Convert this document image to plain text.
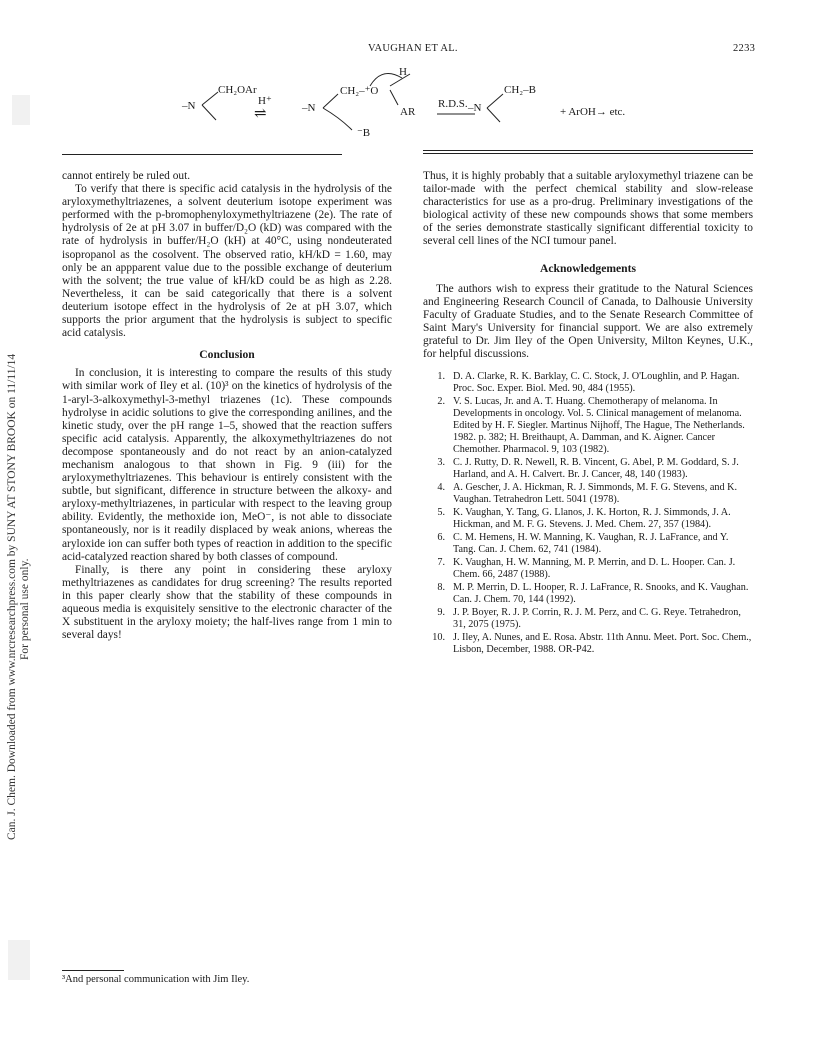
VAUGHAN ET AL.	2233
Can. J. Chem. Downloaded from www.nrcresearchpress.com by SUNY AT STONY BROOK on 11/11/14 For personal use only.
CH₂OAr
–N	H⁺
⇌
CH₂–⁺O
H
–N	AR
⁻B
R.D.S.
CH₂–B
–N	+ ArOH→ etc.

cannot entirely be ruled out.

To verify that there is specific acid catalysis in the hydrolysis of the aryloxymethyltriazenes, a solvent deuterium isotope experiment was performed with the p-bromophenyloxymethyltriazene (2e). The rate of hydrolysis of 2e at pH 3.07 in buffer/D₂O (kD) was compared with the rate of hydrolysis in buffer/H₂O (kH) at 40°C, using nondeuterated isopropanol as the cosolvent. The observed ratio, kH/kD = 1.60, may only be an appparent value due to the possible exchange of deuterium with the solvent; the true value of kH/kD could be as high as 2.28. Nevertheless, it can be said categorically that there is a solvent deuterium isotope effect in the hydrolysis of 2e at pH 3.07, which supports the prior argument that the hydrolysis is subject to specific acid catalysis.

Conclusion

In conclusion, it is interesting to compare the results of this study with similar work of Iley et al. (10)³ on the kinetics of hydrolysis of the 1-aryl-3-alkoxymethyl-3-methyl triazenes (1c). These compounds hydrolyse in acidic solutions to give the corresponding anilines, and the kinetic study, over the pH range 1–5, showed that the reaction suffers specific acid catalysis. Apparently, the alkoxymethyltriazenes do not decompose spontaneously and do not react by an anion-catalyzed mechanism analogous to that shown in Fig. 9 (iii) for the aryloxymethyltriazenes. This behaviour is entirely consistent with the subtle, but significant, difference in structure between the alkoxy- and aryloxy-methyltriazenes, in particular with respect to the leaving group ability. Evidently, the methoxide ion, MeO⁻, is not able to dissociate spontaneously, nor is it readily displaced by weak anions, whereas the aryloxide ion can suffer both types of reaction in addition to the specific acid-catalyzed reaction shared by both classes of compound.

Finally, is there any point in considering these aryloxy methyltriazenes as candidates for drug screening? The results reported in this paper clearly show that the stability of these compounds in aqueous media is exquisitely sensitive to the electronic character of the X substituent in the aryloxy moiety; the half-lives range from 1 min to several days!

Thus, it is highly probably that a suitable aryloxymethyl triazene can be tailor-made with the perfect chemical stability and slow-release characteristics for use as a pro-drug. Preliminary investigations of the biological activity of these new compounds shows that some members of the series demonstrate stastically significant differential toxicity to several cell lines of the NCI tumour panel.

Acknowledgements

The authors wish to express their gratitude to the Natural Sciences and Engineering Research Council of Canada, to Dalhousie University Faculty of Graduate Studies, and to the Senate Research Committee of Saint Mary's University for financial support. We are also extremely grateful to Dr. Jim Iley of the Open University, Milton Keynes, U.K., for helpful discussions.

1. D. A. Clarke, R. K. Barklay, C. C. Stock, J. O'Loughlin, and P. Hagan. Proc. Soc. Exper. Biol. Med. 90, 484 (1955).
2. V. S. Lucas, Jr. and A. T. Huang. Chemotherapy of melanoma. In Developments in oncology. Vol. 5. Clinical management of melanoma. Edited by H. F. Siegler. Martinus Nijhoff, The Hague, The Netherlands. 1982. p. 382; H. Breithaupt, A. Damman, and K. Aigner. Cancer Chemother. Pharmacol. 9, 103 (1982).
3. C. J. Rutty, D. R. Newell, R. B. Vincent, G. Abel, P. M. Goddard, S. J. Harland, and A. H. Calvert. Br. J. Cancer, 48, 140 (1983).
4. A. Gescher, J. A. Hickman, R. J. Simmonds, M. F. G. Stevens, and K. Vaughan. Tetrahedron Lett. 5041 (1978).
5. K. Vaughan, Y. Tang, G. Llanos, J. K. Horton, R. J. Simmonds, J. A. Hickman, and M. F. G. Stevens. J. Med. Chem. 27, 357 (1984).
6. C. M. Hemens, H. W. Manning, K. Vaughan, R. J. LaFrance, and Y. Tang. Can. J. Chem. 62, 741 (1984).
7. K. Vaughan, H. W. Manning, M. P. Merrin, and D. L. Hooper. Can. J. Chem. 66, 2487 (1988).
8. M. P. Merrin, D. L. Hooper, R. J. LaFrance, R. Snooks, and K. Vaughan. Can. J. Chem. 70, 144 (1992).
9. J. P. Boyer, R. J. P. Corrin, R. J. M. Perz, and C. G. Reye. Tetrahedron, 31, 2075 (1975).
10. J. Iley, A. Nunes, and E. Rosa. Abstr. 11th Annu. Meet. Port. Soc. Chem., Lisbon, December, 1988. OR-P42.
³And personal communication with Jim Iley.
